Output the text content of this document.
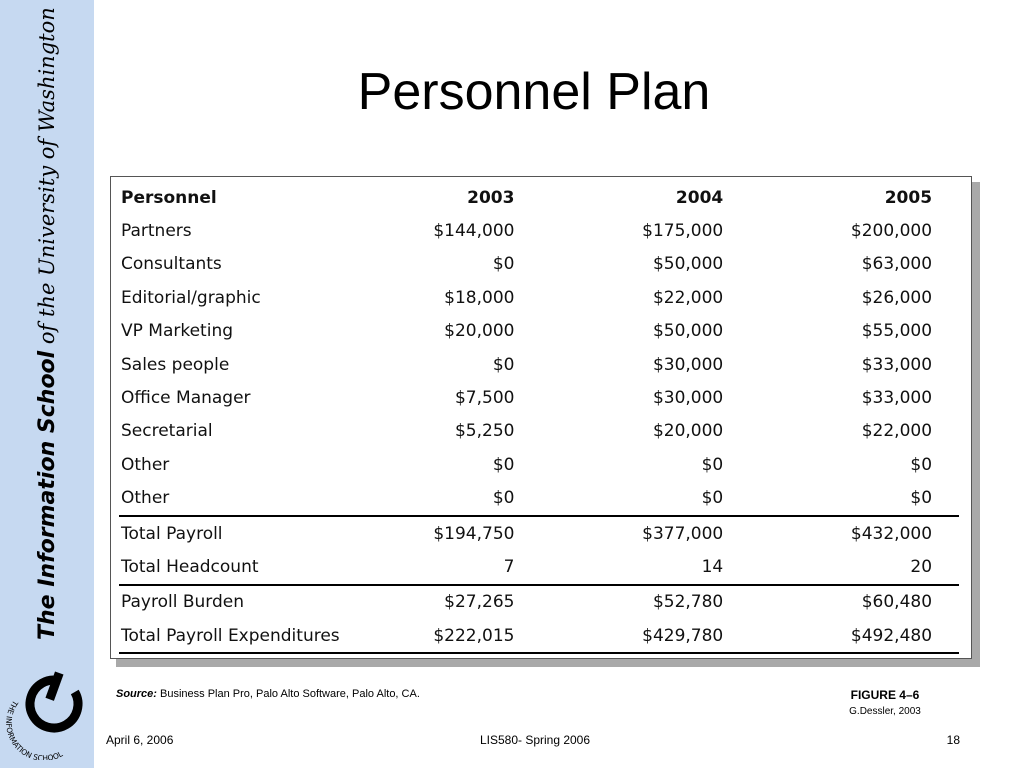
The Information School of the University of Washington
THE INFORMATION SCHOOL
Personnel Plan
Personnel	2003	2004	2005	
Partners	$144,000	$175,000	$200,000	
Consultants	$0	$50,000	$63,000	
Editorial/graphic	$18,000	$22,000	$26,000	
VP Marketing	$20,000	$50,000	$55,000	
Sales people	$0	$30,000	$33,000	
Office Manager	$7,500	$30,000	$33,000	
Secretarial	$5,250	$20,000	$22,000	
Other	$0	$0	$0	
Other	$0	$0	$0	
Total Payroll	$194,750	$377,000	$432,000	
Total Headcount	7	14	20	
Payroll Burden	$27,265	$52,780	$60,480	
Total Payroll Expenditures	$222,015	$429,780	$492,480	
Source: Business Plan Pro, Palo Alto Software, Palo Alto, CA.	FIGURE 4–6
G.Dessler, 2003
April 6, 2006	LIS580- Spring 2006	18
